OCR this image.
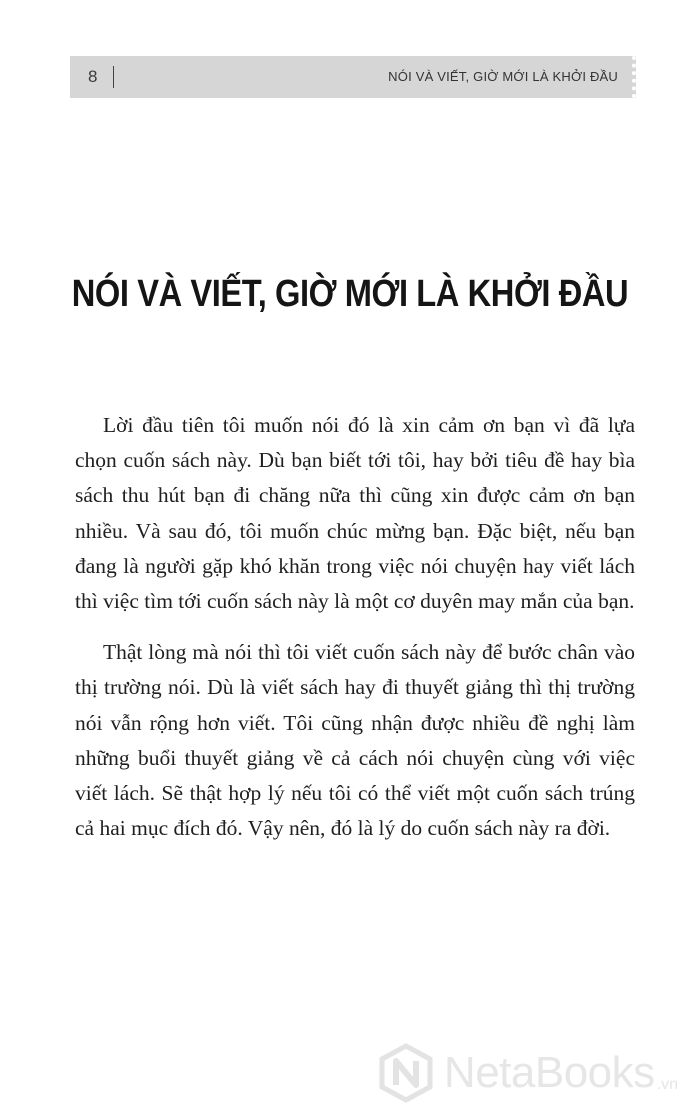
8	NÓI VÀ VIẾT, GIỜ MỚI LÀ KHỞI ĐẦU
NÓI VÀ VIẾT, GIỜ MỚI LÀ KHỞI ĐẦU

Lời đầu tiên tôi muốn nói đó là xin cảm ơn bạn vì đã lựa chọn cuốn sách này. Dù bạn biết tới tôi, hay bởi tiêu đề hay bìa sách thu hút bạn đi chăng nữa thì cũng xin được cảm ơn bạn nhiều. Và sau đó, tôi muốn chúc mừng bạn. Đặc biệt, nếu bạn đang là người gặp khó khăn trong việc nói chuyện hay viết lách thì việc tìm tới cuốn sách này là một cơ duyên may mắn của bạn.

Thật lòng mà nói thì tôi viết cuốn sách này để bước chân vào thị trường nói. Dù là viết sách hay đi thuyết giảng thì thị trường nói vẫn rộng hơn viết. Tôi cũng nhận được nhiều đề nghị làm những buổi thuyết giảng về cả cách nói chuyện cùng với việc viết lách. Sẽ thật hợp lý nếu tôi có thể viết một cuốn sách trúng cả hai mục đích đó. Vậy nên, đó là lý do cuốn sách này ra đời.

NetaBooks .vn
